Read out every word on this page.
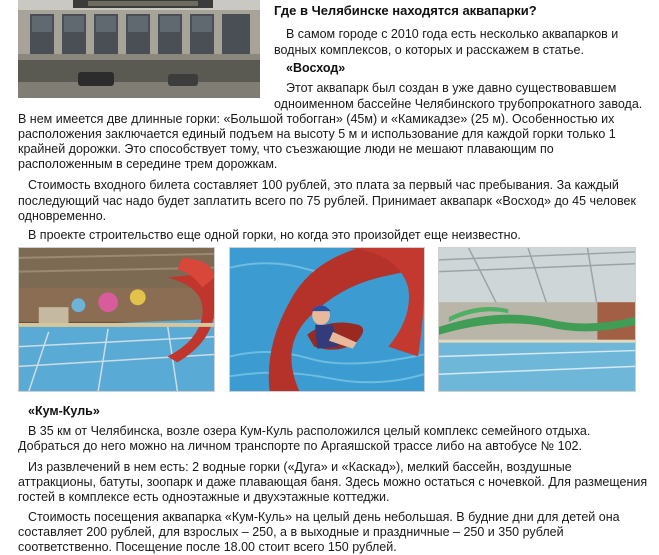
Где в Челябинске находятся аквапарки?

В самом городе с 2010 года есть несколько аквапарков и

водных комплексов, о которых и расскажем в статье.

«Восход»

Этот аквапарк был создан в уже давно существовавшем

одноименном бассейне Челябинского трубопрокатного завода.

В нем имеется две длинные горки: «Большой тобогган» (45м) и «Камикадзе» (25 м). Особенностью их

расположения заключается единый подъем на высоту 5 м и использование для каждой горки только 1

крайней дорожки. Это способствует тому, что съезжающие люди не мешают плавающим по

расположенным в середине трем дорожкам.

Стоимость входного билета составляет 100 рублей, это плата за первый час пребывания. За каждый

последующий час надо будет заплатить всего по 75 рублей. Принимает аквапарк «Восход» до 45 человек

одновременно.

В проекте строительство еще одной горки, но когда это произойдет еще неизвестно.

«Кум-Куль»

В 35 км от Челябинска, возле озера Кум-Куль расположился целый комплекс семейного отдыха.

Добраться до него можно на личном транспорте по Аргаяшской трассе либо на автобусе № 102.

Из развлечений в нем есть: 2 водные горки («Дуга» и «Каскад»), мелкий бассейн, воздушные

аттракционы, батуты, зоопарк и даже плавающая баня. Здесь можно остаться с ночевкой. Для размещения

гостей в комплексе есть одноэтажные и двухэтажные коттеджи.

Стоимость посещения аквапарка «Кум-Куль» на целый день небольшая. В будние дни для детей она

составляет 200 рублей, для взрослых – 250, а в выходные и праздничные – 250 и 350 рублей

соответственно. Посещение после 18.00 стоит всего 150 рублей.
